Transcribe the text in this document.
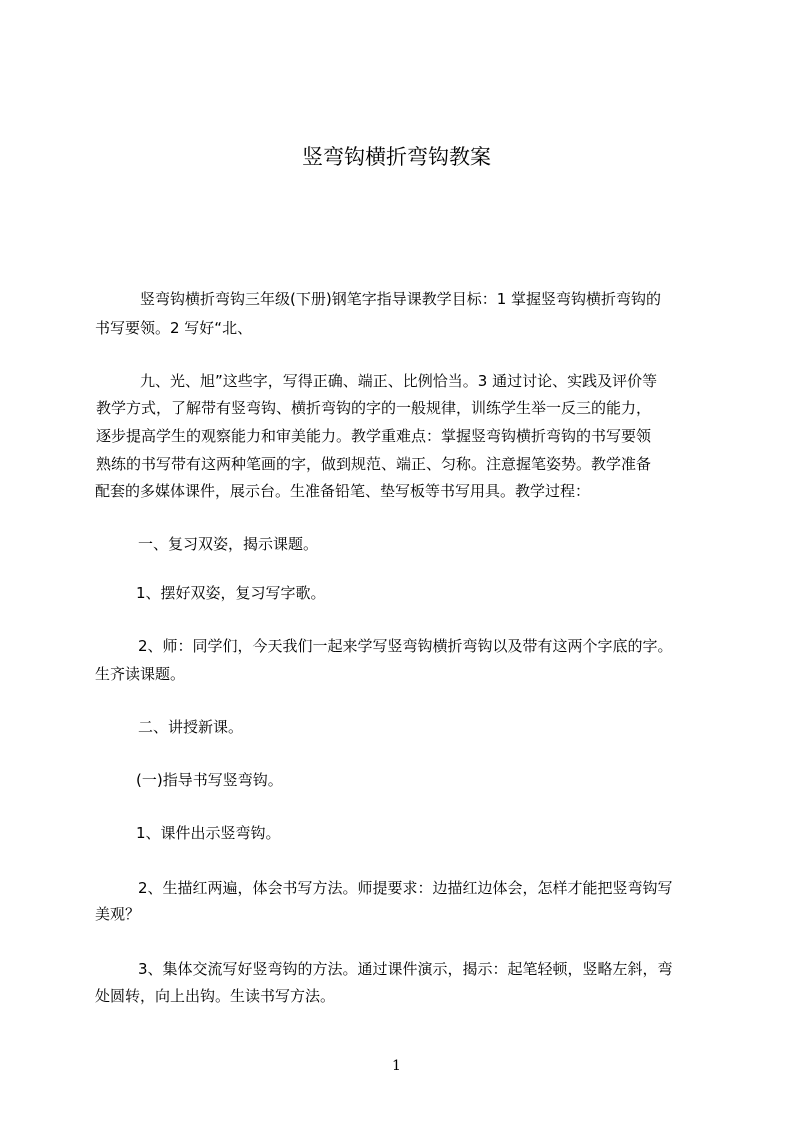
竖弯钩横折弯钩教案
竖弯钩横折弯钩三年级(下册)钢笔字指导课教学目标：1 掌握竖弯钩横折弯钩的
书写要领。2 写好“北、
九、光、旭”这些字，写得正确、端正、比例恰当。3 通过讨论、实践及评价等
教学方式，了解带有竖弯钩、横折弯钩的字的一般规律，训练学生举一反三的能力，
逐步提高学生的观察能力和审美能力。教学重难点：掌握竖弯钩横折弯钩的书写要领
熟练的书写带有这两种笔画的字，做到规范、端正、匀称。注意握笔姿势。教学准备
配套的多媒体课件，展示台。生准备铅笔、垫写板等书写用具。教学过程：
一、复习双姿，揭示课题。
1、摆好双姿，复习写字歌。
2、师：同学们，今天我们一起来学写竖弯钩横折弯钩以及带有这两个字底的字。
生齐读课题。
二、讲授新课。
(一)指导书写竖弯钩。
1、课件出示竖弯钩。
2、生描红两遍，体会书写方法。师提要求：边描红边体会，怎样才能把竖弯钩写
美观？
3、集体交流写好竖弯钩的方法。通过课件演示，揭示：起笔轻顿，竖略左斜，弯
处圆转，向上出钩。生读书写方法。
1
